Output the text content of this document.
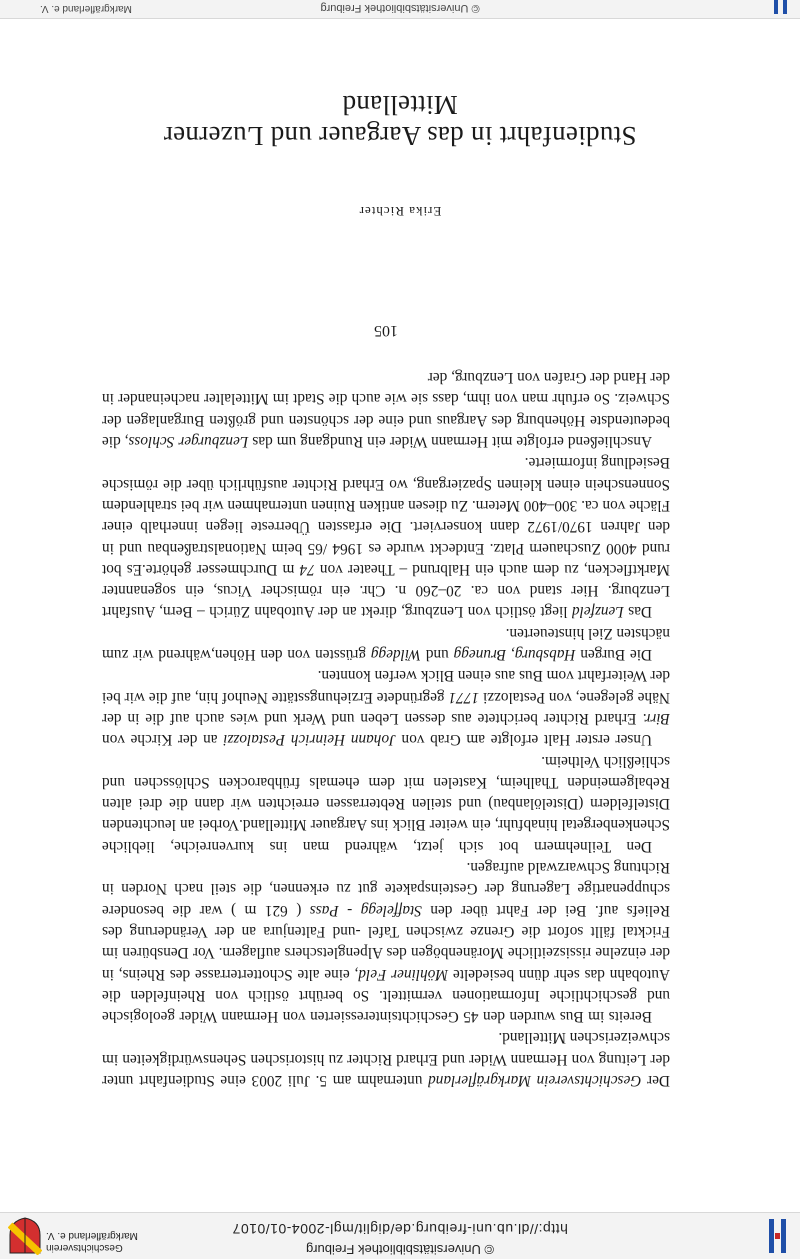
© Universitätsbibliothek Freiburg
http://dl.ub.uni-freiburg.de/diglit/mgl-2004-01/0107
Geschichtsverein
Markgräflerland e. V.
Studienfahrt in das Aargauer und Luzerner Mittelland
Erika Richter

Der Geschichtsverein Markgräflerland unternahm am 5. Juli 2003 eine Studienfahrt unter der Leitung von Hermann Wider und Erhard Richter zu historischen Sehenswürdigkeiten im schweizerischen Mittelland.

Bereits im Bus wurden den 45 Geschichtsinteressierten von Hermann Wider geologische und geschichtliche Informationen vermittelt. So berührt östlich von Rheinfelden die Autobahn das sehr dünn besiedelte Möhliner Feld, eine alte Schotterterrasse des Rheins, in der einzelne rissiszeitliche Moränenbögen des Alpengletschers auflagern. Vor Densbüren im Fricktal fällt sofort die Grenze zwischen Tafel -und Faltenjura an der Veränderung des Reliefs auf. Bei der Fahrt über den Staffelegg - Pass ( 621 m ) war die besondere schuppenartige Lagerung der Gesteinspakete gut zu erkennen, die steil nach Norden in Richtung Schwarzwald aufragen.

Den Teilnehmern bot sich jetzt, während man ins kurvenreiche, liebliche Schenkenbergetal hinabfuhr, ein weiter Blick ins Aargauer Mittelland.Vorbei an leuchtenden Distelfeldern (Distelölanbau) und steilen Rebterrassen erreichten wir dann die drei alten Rebalgemeinden Thalheim, Kastelen mit dem ehemals frühbarocken Schlösschen und schließlich Veltheim.

Unser erster Halt erfolgte am Grab von Johann Heinrich Pestalozzi an der Kirche von Birr. Erhard Richter berichtete aus dessen Leben und Werk und wies auch auf die in der Nähe gelegene, von Pestalozzi 1771 gegründete Erziehungsstätte Neuhof hin, auf die wir bei der Weiterfahrt vom Bus aus einen Blick werfen konnten.

Die Burgen Habsburg, Brunegg und Wildegg grüssten von den Höhen,während wir zum nächsten Ziel hinsteuerten.

Das Lenzfeld liegt östlich von Lenzburg, direkt an der Autobahn Zürich – Bern, Ausfahrt Lenzburg. Hier stand von ca. 20–260 n. Chr. ein römischer Vicus, ein sogenannter Marktflecken, zu dem auch ein Halbrund – Theater von 74 m Durchmesser gehörte.Es bot rund 4000 Zuschauern Platz. Entdeckt wurde es 1964 /65 beim Nationalstraßenbau und in den Jahren 1970/1972 dann konserviert. Die erfassten Überreste liegen innerhalb einer Fläche von ca. 300–400 Metern. Zu diesen antiken Ruinen unternahmen wir bei strahlendem Sonnenschein einen kleinen Spaziergang, wo Erhard Richter ausführlich über die römische Besiedlung informierte.

Anschließend erfolgte mit Hermann Wider ein Rundgang um das Lenzburger Schloss, die bedeutendste Höhenburg des Aargaus und eine der schönsten und größten Burganlagen der Schweiz. So erfuhr man von ihm, dass sie wie auch die Stadt im Mittelalter nacheinander in der Hand der Grafen von Lenzburg, der

105
© Universitätsbibliothek Freiburg
Markgräflerland e. V.
